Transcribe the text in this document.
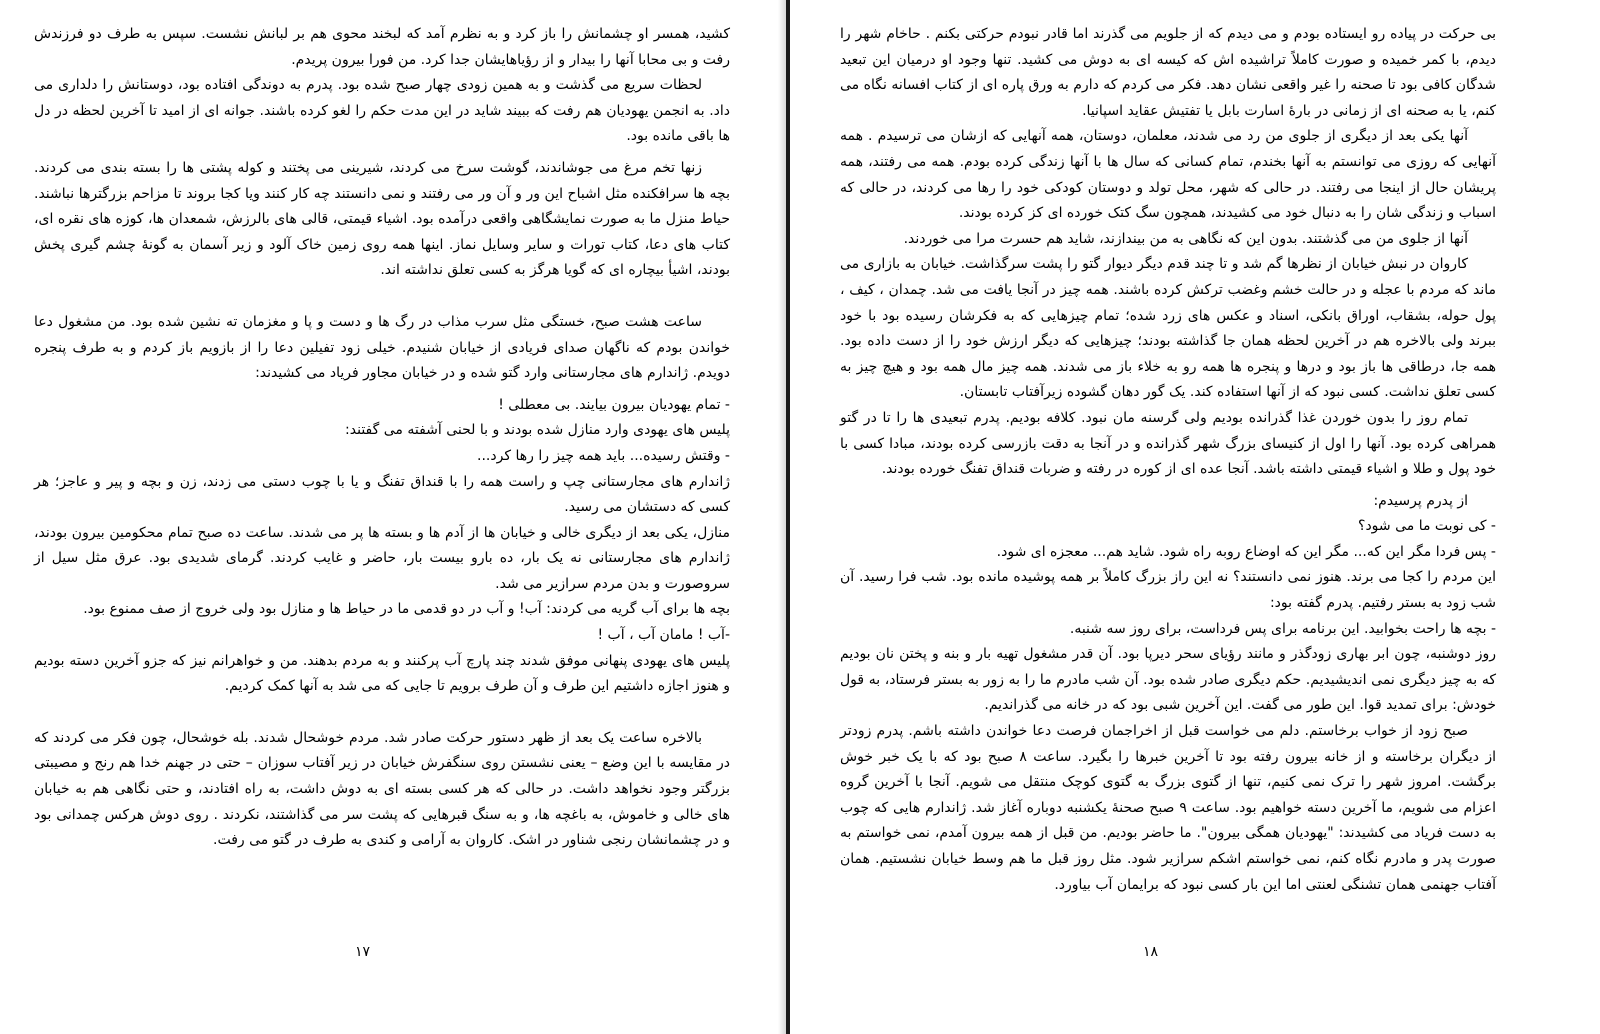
کشید، همسر او چشمانش را باز کرد و به نظرم آمد که لبخند محوی هم بر لبانش نشست. سپس به طرف دو فرزندش رفت و بی محابا آنها را بیدار و از رؤیاهایشان جدا کرد. من فورا بیرون پریدم.

لحظات سریع می گذشت و به همین زودی چهار صبح شده بود. پدرم به دوندگی افتاده بود، دوستانش را دلداری می داد. به انجمن یهودیان هم رفت که ببیند شاید در این مدت حکم را لغو کرده باشند. جوانه ای از امید تا آخرین لحظه در دل ها باقی مانده بود.

زنها تخم مرغ می جوشاندند، گوشت سرخ می کردند، شیرینی می پختند و کوله پشتی ها را بسته بندی می کردند. بچه ها سرافکنده مثل اشباح این ور و آن ور می رفتند و نمی دانستند چه کار کنند ویا کجا بروند تا مزاحم بزرگترها نباشند. حیاط منزل ما به صورت نمایشگاهی واقعی درآمده بود. اشیاء قیمتی، قالی های بالرزش، شمعدان ها، کوزه های نقره ای، کتاب های دعا، کتاب تورات و سایر وسایل نماز. اینها همه روی زمین خاک آلود و زیر آسمان به گونهٔ چشم گیری پخش بودند، اشیأ بیچاره ای که گویا هرگز به کسی تعلق نداشته اند.

ساعت هشت صبح، خستگی مثل سرب مذاب در رگ ها و دست و پا و مغزمان ته نشین شده بود. من مشغول دعا خواندن بودم که ناگهان صدای فریادی از خیابان شنیدم. خیلی زود تفیلین دعا را از بازویم باز کردم و به طرف پنجره دویدم. ژاندارم های مجارستانی وارد گتو شده و در خیابان مجاور فریاد می کشیدند:

- تمام یهودیان بیرون بیایند. بی معطلی !

پلیس های یهودی وارد منازل شده بودند و با لحنی آشفته می گفتند:

- وقتش رسیده... باید همه چیز را رها کرد...

ژاندارم های مجارستانی چپ و راست همه را با قنداق تفنگ و یا با چوب دستی می زدند، زن و بچه و پیر و عاجز؛ هر کسی که دستشان می رسید.

منازل، یکی بعد از دیگری خالی و خیابان ها از آدم ها و بسته ها پر می شدند. ساعت ده صبح تمام محکومین بیرون بودند، ژاندارم های مجارستانی نه یک بار، ده بارو بیست بار، حاضر و غایب کردند. گرمای شدیدی بود. عرق مثل سیل از سروصورت و بدن مردم سرازیر می شد.

بچه ها برای آب گریه می کردند: آب! و آب در دو قدمی ما در حیاط ها و منازل بود ولی خروج از صف ممنوع بود.

-آب ! مامان آب ، آب !

پلیس های یهودی پنهانی موفق شدند چند پارچ آب پرکنند و به مردم بدهند. من و خواهرانم نیز که جزو آخرین دسته بودیم و هنوز اجازه داشتیم این طرف و آن طرف برویم تا جایی که می شد به آنها کمک کردیم.

بالاخره ساعت یک بعد از ظهر دستور حرکت صادر شد. مردم خوشحال شدند. بله خوشحال، چون فکر می کردند که در مقایسه با این وضع – یعنی نشستن روی سنگفرش خیابان در زیر آفتاب سوزان – حتی در جهنم خدا هم رنج و مصیبتی بزرگتر وجود نخواهد داشت. در حالی که هر کسی بسته ای به دوش داشت، به راه افتادند، و حتی نگاهی هم به خیابان های خالی و خاموش، به باغچه ها، و به سنگ قبرهایی که پشت سر می گذاشتند، نکردند . روی دوش هرکس چمدانی بود و در چشمانشان رنجی شناور در اشک. کاروان به آرامی و کندی به طرف در گتو می رفت.

۱۷

بی حرکت در پیاده رو ایستاده بودم و می دیدم که از جلویم می گذرند اما قادر نبودم حرکتی بکنم . حاخام شهر را دیدم، با کمر خمیده و صورت کاملاً تراشیده اش که کیسه ای به دوش می کشید. تنها وجود او درمیان این تبعید شدگان کافی بود تا صحنه را غیر واقعی نشان دهد. فکر می کردم که دارم به ورق پاره ای از کتاب افسانه نگاه می کنم، یا به صحنه ای از زمانی در بارهٔ اسارت بابل یا تفتیش عقاید اسپانیا.

آنها یکی بعد از دیگری از جلوی من رد می شدند، معلمان، دوستان، همه آنهایی که ازشان می ترسیدم . همه آنهایی که روزی می توانستم به آنها بخندم، تمام کسانی که سال ها با آنها زندگی کرده بودم. همه می رفتند، همه پریشان حال از اینجا می رفتند. در حالی که شهر، محل تولد و دوستان کودکی خود را رها می کردند، در حالی که اسباب و زندگی شان را به دنبال خود می کشیدند، همچون سگ کتک خورده ای کز کرده بودند.

آنها از جلوی من می گذشتند. بدون این که نگاهی به من بیندازند، شاید هم حسرت مرا می خوردند.

کاروان در نبش خیابان از نظرها گم شد و تا چند قدم دیگر دیوار گتو را پشت سرگذاشت. خیابان به بازاری می ماند که مردم با عجله و در حالت خشم وغضب ترکش کرده باشند. همه چیز در آنجا یافت می شد. چمدان ، کیف ، پول حوله، بشقاب، اوراق بانکی، اسناد و عکس های زرد شده؛ تمام چیزهایی که به فکرشان رسیده بود با خود ببرند ولی بالاخره هم در آخرین لحظه همان جا گذاشته بودند؛ چیزهایی که دیگر ارزش خود را از دست داده بود. همه جا، درطاقی ها باز بود و درها و پنجره ها همه رو به خلاء باز می شدند. همه چیز مال همه بود و هیچ چیز به کسی تعلق نداشت. کسی نبود که از آنها استفاده کند. یک گور دهان گشوده زیرآفتاب تابستان.

تمام روز را بدون خوردن غذا گذرانده بودیم ولی گرسنه مان نبود. کلافه بودیم. پدرم تبعیدی ها را تا در گتو همراهی کرده بود. آنها را اول از کنیسای بزرگ شهر گذرانده و در آنجا به دقت بازرسی کرده بودند، مبادا کسی با خود پول و طلا و اشیاء قیمتی داشته باشد. آنجا عده ای از کوره در رفته و ضربات قنداق تفنگ خورده بودند.

از پدرم پرسیدم:

- کی نوبت ما می شود؟

- پس فردا مگر این که... مگر این که اوضاع روبه راه شود. شاید هم... معجزه ای شود.

این مردم را کجا می برند. هنوز نمی دانستند؟ نه این راز بزرگ کاملاً بر همه پوشیده مانده بود. شب فرا رسید. آن شب زود به بستر رفتیم. پدرم گفته بود:

- بچه ها راحت بخوابید. این برنامه برای پس فرداست، برای روز سه شنبه.

روز دوشنبه، چون ابر بهاری زودگذر و مانند رؤیای سحر دیرپا بود. آن قدر مشغول تهیه بار و بنه و پختن نان بودیم که به چیز دیگری نمی اندیشیدیم. حکم دیگری صادر شده بود. آن شب مادرم ما را به زور به بستر فرستاد، به قول خودش: برای تمدید قوا. این طور می گفت. این آخرین شبی بود که در خانه می گذراندیم.

صبح زود از خواب برخاستم. دلم می خواست قبل از اخراجمان فرصت دعا خواندن داشته باشم. پدرم زودتر از دیگران برخاسته و از خانه بیرون رفته بود تا آخرین خبرها را بگیرد. ساعت ۸ صبح بود که با یک خبر خوش برگشت. امروز شهر را ترک نمی کنیم، تنها از گتوی بزرگ به گتوی کوچک منتقل می شویم. آنجا با آخرین گروه اعزام می شویم، ما آخرین دسته خواهیم بود. ساعت ۹ صبح صحنهٔ یکشنبه دوباره آغاز شد. ژاندارم هایی که چوب به دست فریاد می کشیدند: "یهودیان همگی بیرون". ما حاضر بودیم. من قبل از همه بیرون آمدم، نمی خواستم به صورت پدر و مادرم نگاه کنم، نمی خواستم اشکم سرازیر شود. مثل روز قبل ما هم وسط خیابان نشستیم. همان آفتاب جهنمی همان تشنگی لعنتی اما این بار کسی نبود که برایمان آب بیاورد.

۱۸
